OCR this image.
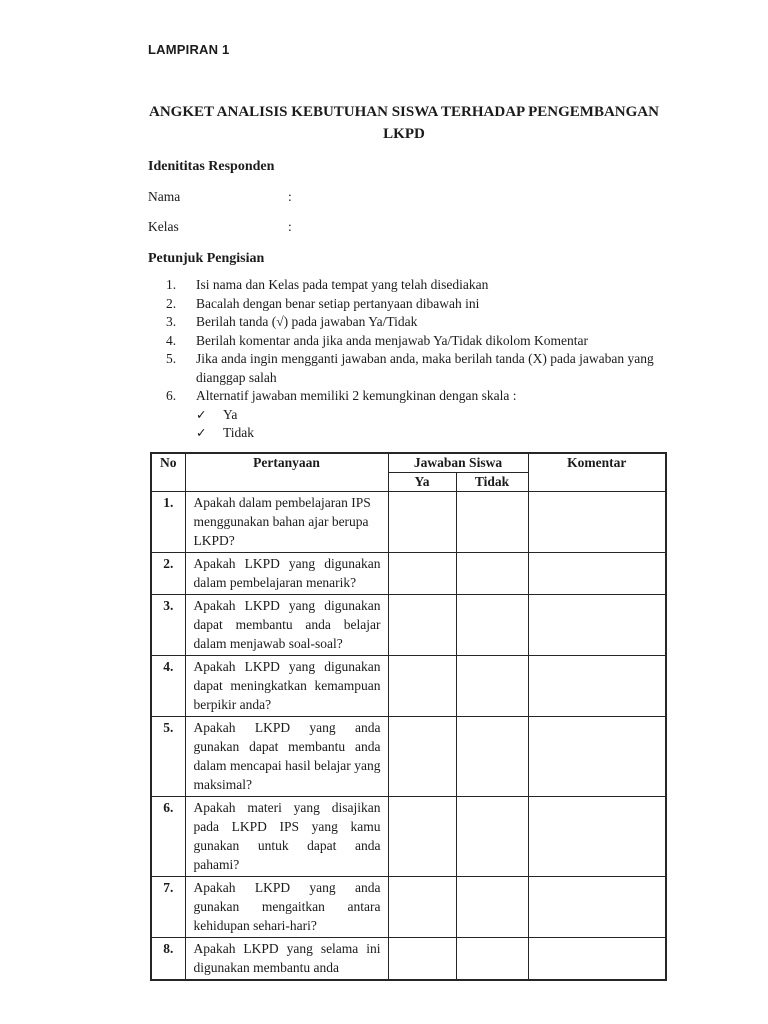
LAMPIRAN 1
ANGKET ANALISIS KEBUTUHAN SISWA TERHADAP PENGEMBANGAN LKPD
Idenititas Responden
Nama	:
Kelas	:
Petunjuk Pengisian
1.	Isi nama dan Kelas pada tempat yang telah disediakan
2.	Bacalah dengan benar setiap pertanyaan dibawah ini
3.	Berilah tanda (√) pada jawaban Ya/Tidak
4.	Berilah komentar anda jika anda menjawab Ya/Tidak dikolom Komentar
5.	Jika anda ingin mengganti jawaban anda, maka berilah tanda (X) pada jawaban yang dianggap salah
6.	Alternatif jawaban memiliki 2 kemungkinan dengan skala :
✓	Ya
✓	Tidak
No	Pertanyaan	Jawaban Siswa		Komentar
		Ya	Tidak	
1.	Apakah dalam pembelajaran IPS menggunakan bahan ajar berupa LKPD?			
2.	Apakah LKPD yang digunakan dalam pembelajaran menarik?			
3.	Apakah LKPD yang digunakan dapat membantu anda belajar dalam menjawab soal-soal?			
4.	Apakah LKPD yang digunakan dapat meningkatkan kemampuan berpikir anda?			
5.	Apakah LKPD yang anda gunakan dapat membantu anda dalam mencapai hasil belajar yang maksimal?			
6.	Apakah materi yang disajikan pada LKPD IPS yang kamu gunakan untuk dapat anda pahami?			
7.	Apakah LKPD yang anda gunakan mengaitkan antara kehidupan sehari-hari?			
8.	Apakah LKPD yang selama ini digunakan membantu anda			
